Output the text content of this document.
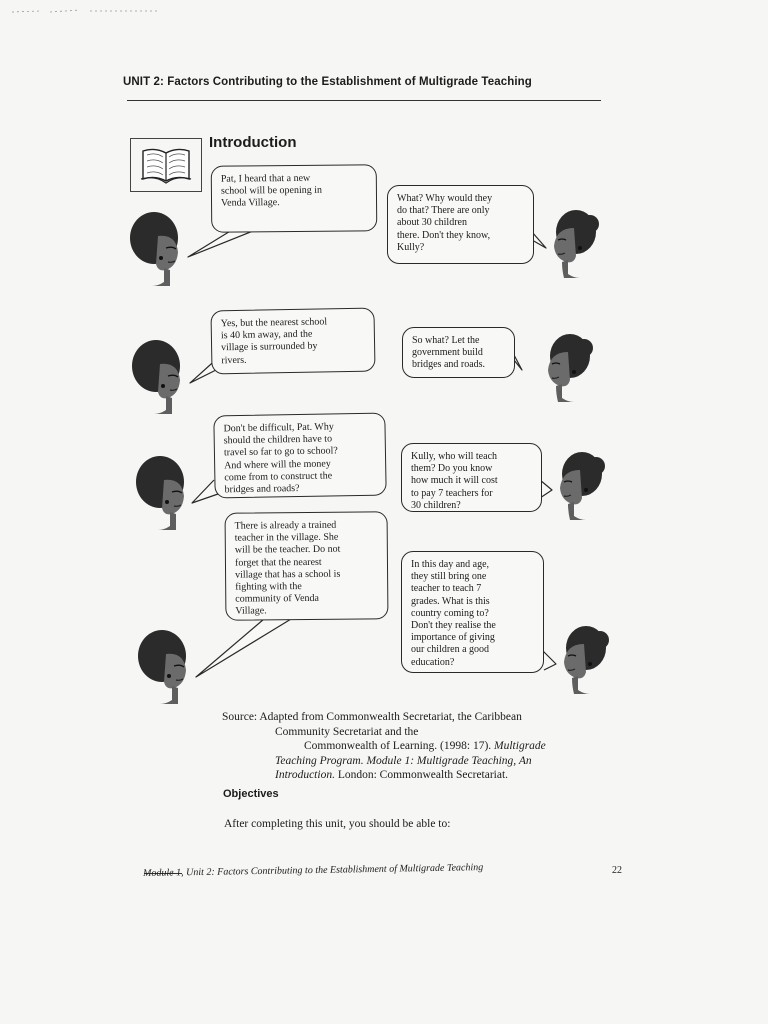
UNIT 2: Factors Contributing to the Establishment of Multigrade Teaching
Introduction
Pat, I heard that a new
school will be opening in
Venda Village.	What? Why would they
do that? There are only
about 30 children
there. Don't they know,
Kully?
Yes, but the nearest school
is 40 km away, and the
village is surrounded by
rivers.
So what? Let the
government build
bridges and roads.
Don't be difficult, Pat. Why
should the children have to
travel so far to go to school?
And where will the money
come from to construct the
bridges and roads?
Kully, who will teach
them? Do you know
how much it will cost
to pay 7 teachers for
30 children?
There is already a trained
teacher in the village. She
will be the teacher. Do not
forget that the nearest
village that has a school is
fighting with the
community of Venda
Village.
In this day and age,
they still bring one
teacher to teach 7
grades. What is this
country coming to?
Don't they realise the
importance of giving
our children a good
education?
Source: Adapted from Commonwealth Secretariat, the Caribbean
Community Secretariat and the
Commonwealth of Learning. (1998: 17). Multigrade
Teaching Program. Module 1: Multigrade Teaching, An
Introduction. London: Commonwealth Secretariat.
Objectives
After completing this unit, you should be able to:
Module 1, Unit 2: Factors Contributing to the Establishment of Multigrade Teaching	22
